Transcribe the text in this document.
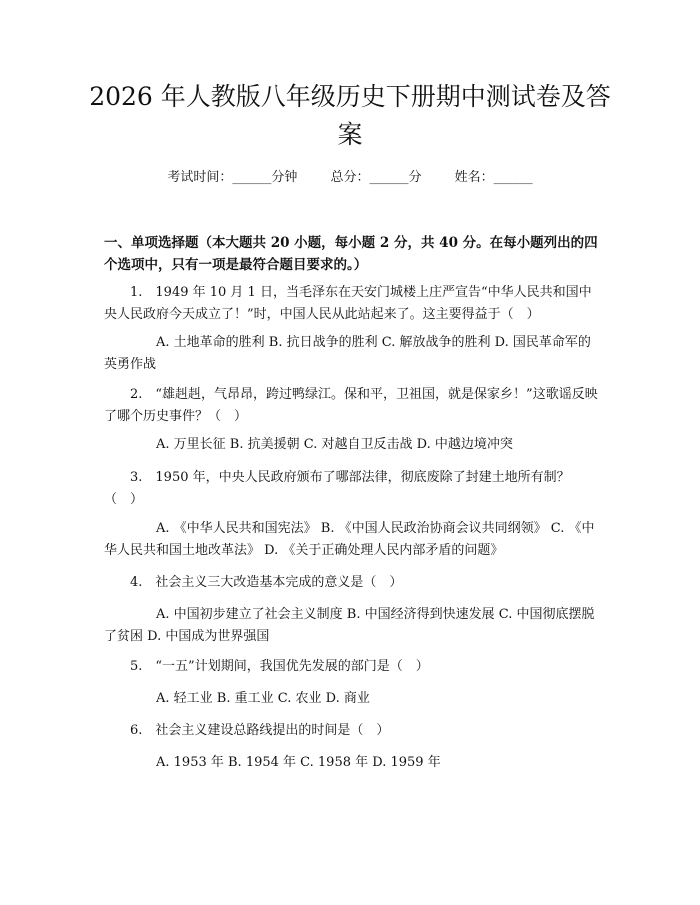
2026 年人教版八年级历史下册期中测试卷及答案
考试时间：______分钟	总分：______分	姓名：______
一、单项选择题（本大题共 20 小题，每小题 2 分，共 40 分。在每小题列出的四个选项中，只有一项是最符合题目要求的。）
1.　1949 年 10 月 1 日，当毛泽东在天安门城楼上庄严宣告“中华人民共和国中央人民政府今天成立了！”时，中国人民从此站起来了。这主要得益于（　）
A. 土地革命的胜利 B. 抗日战争的胜利 C. 解放战争的胜利 D. 国民革命军的英勇作战
2.　“雄赳赳，气昂昂，跨过鸭绿江。保和平，卫祖国，就是保家乡！”这歌谣反映了哪个历史事件？（　）
A. 万里长征 B. 抗美援朝 C. 对越自卫反击战 D. 中越边境冲突
3.　1950 年，中央人民政府颁布了哪部法律，彻底废除了封建土地所有制？（　）
A. 《中华人民共和国宪法》 B. 《中国人民政治协商会议共同纲领》 C. 《中华人民共和国土地改革法》 D. 《关于正确处理人民内部矛盾的问题》
4.　社会主义三大改造基本完成的意义是（　）
A. 中国初步建立了社会主义制度 B. 中国经济得到快速发展 C. 中国彻底摆脱了贫困 D. 中国成为世界强国
5.　“一五”计划期间，我国优先发展的部门是（　）
A. 轻工业 B. 重工业 C. 农业 D. 商业
6.　社会主义建设总路线提出的时间是（　）
A. 1953 年 B. 1954 年 C. 1958 年 D. 1959 年
